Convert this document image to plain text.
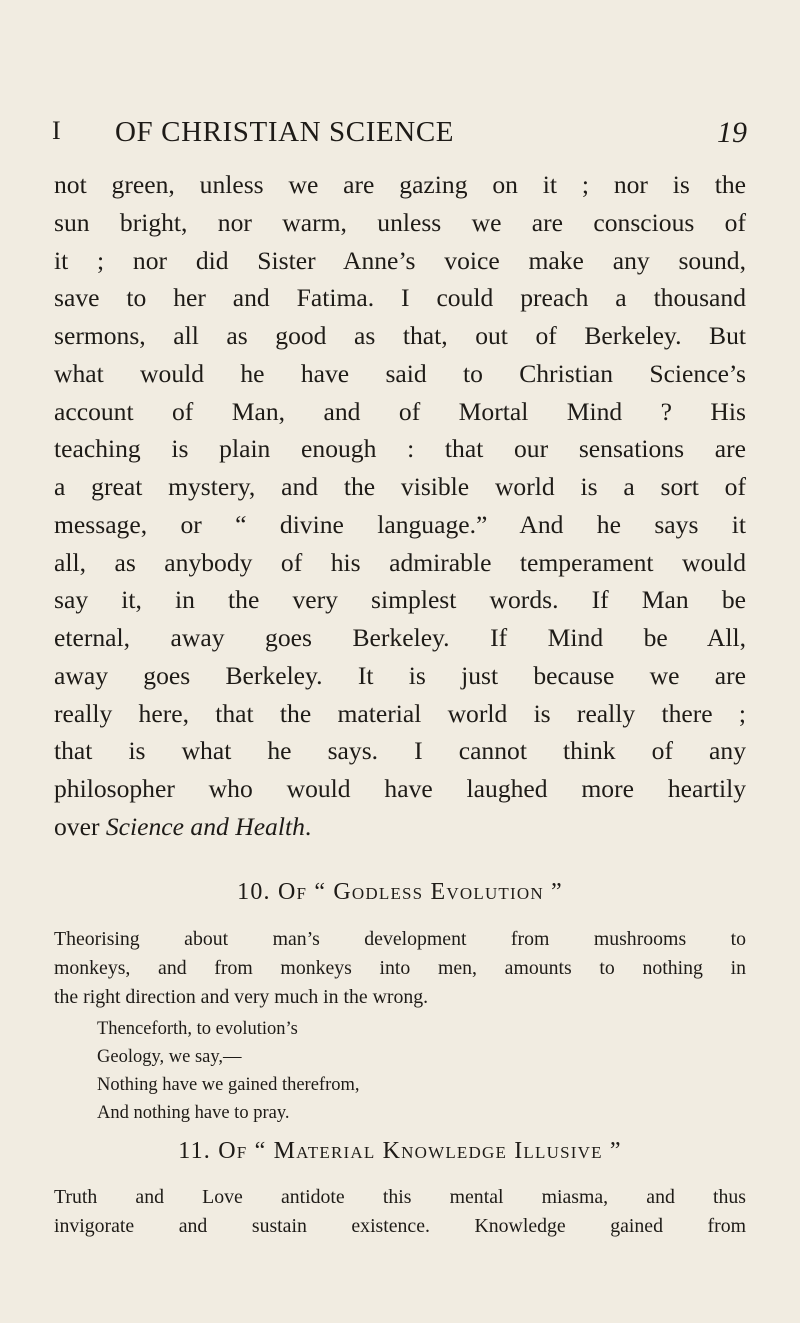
I OF CHRISTIAN SCIENCE	19
not green, unless we are gazing on it ; nor is the
sun bright, nor warm, unless we are conscious of
it ; nor did Sister Anne’s voice make any sound,
save to her and Fatima. I could preach a thousand
sermons, all as good as that, out of Berkeley. But
what would he have said to Christian Science’s
account of Man, and of Mortal Mind ? His
teaching is plain enough : that our sensations are
a great mystery, and the visible world is a sort of
message, or “ divine language.” And he says it
all, as anybody of his admirable temperament would
say it, in the very simplest words. If Man be
eternal, away goes Berkeley. If Mind be All,
away goes Berkeley. It is just because we are
really here, that the material world is really there ;
that is what he says. I cannot think of any
philosopher who would have laughed more heartily
over Science and Health.
10. Of “ Godless Evolution ”
Theorising about man’s development from mushrooms to
monkeys, and from monkeys into men, amounts to nothing in
the right direction and very much in the wrong.
Thenceforth, to evolution’s
Geology, we say,—
Nothing have we gained therefrom,
And nothing have to pray.
11. Of “ Material Knowledge Illusive ”
Truth and Love antidote this mental miasma, and thus
invigorate and sustain existence. Knowledge gained from
